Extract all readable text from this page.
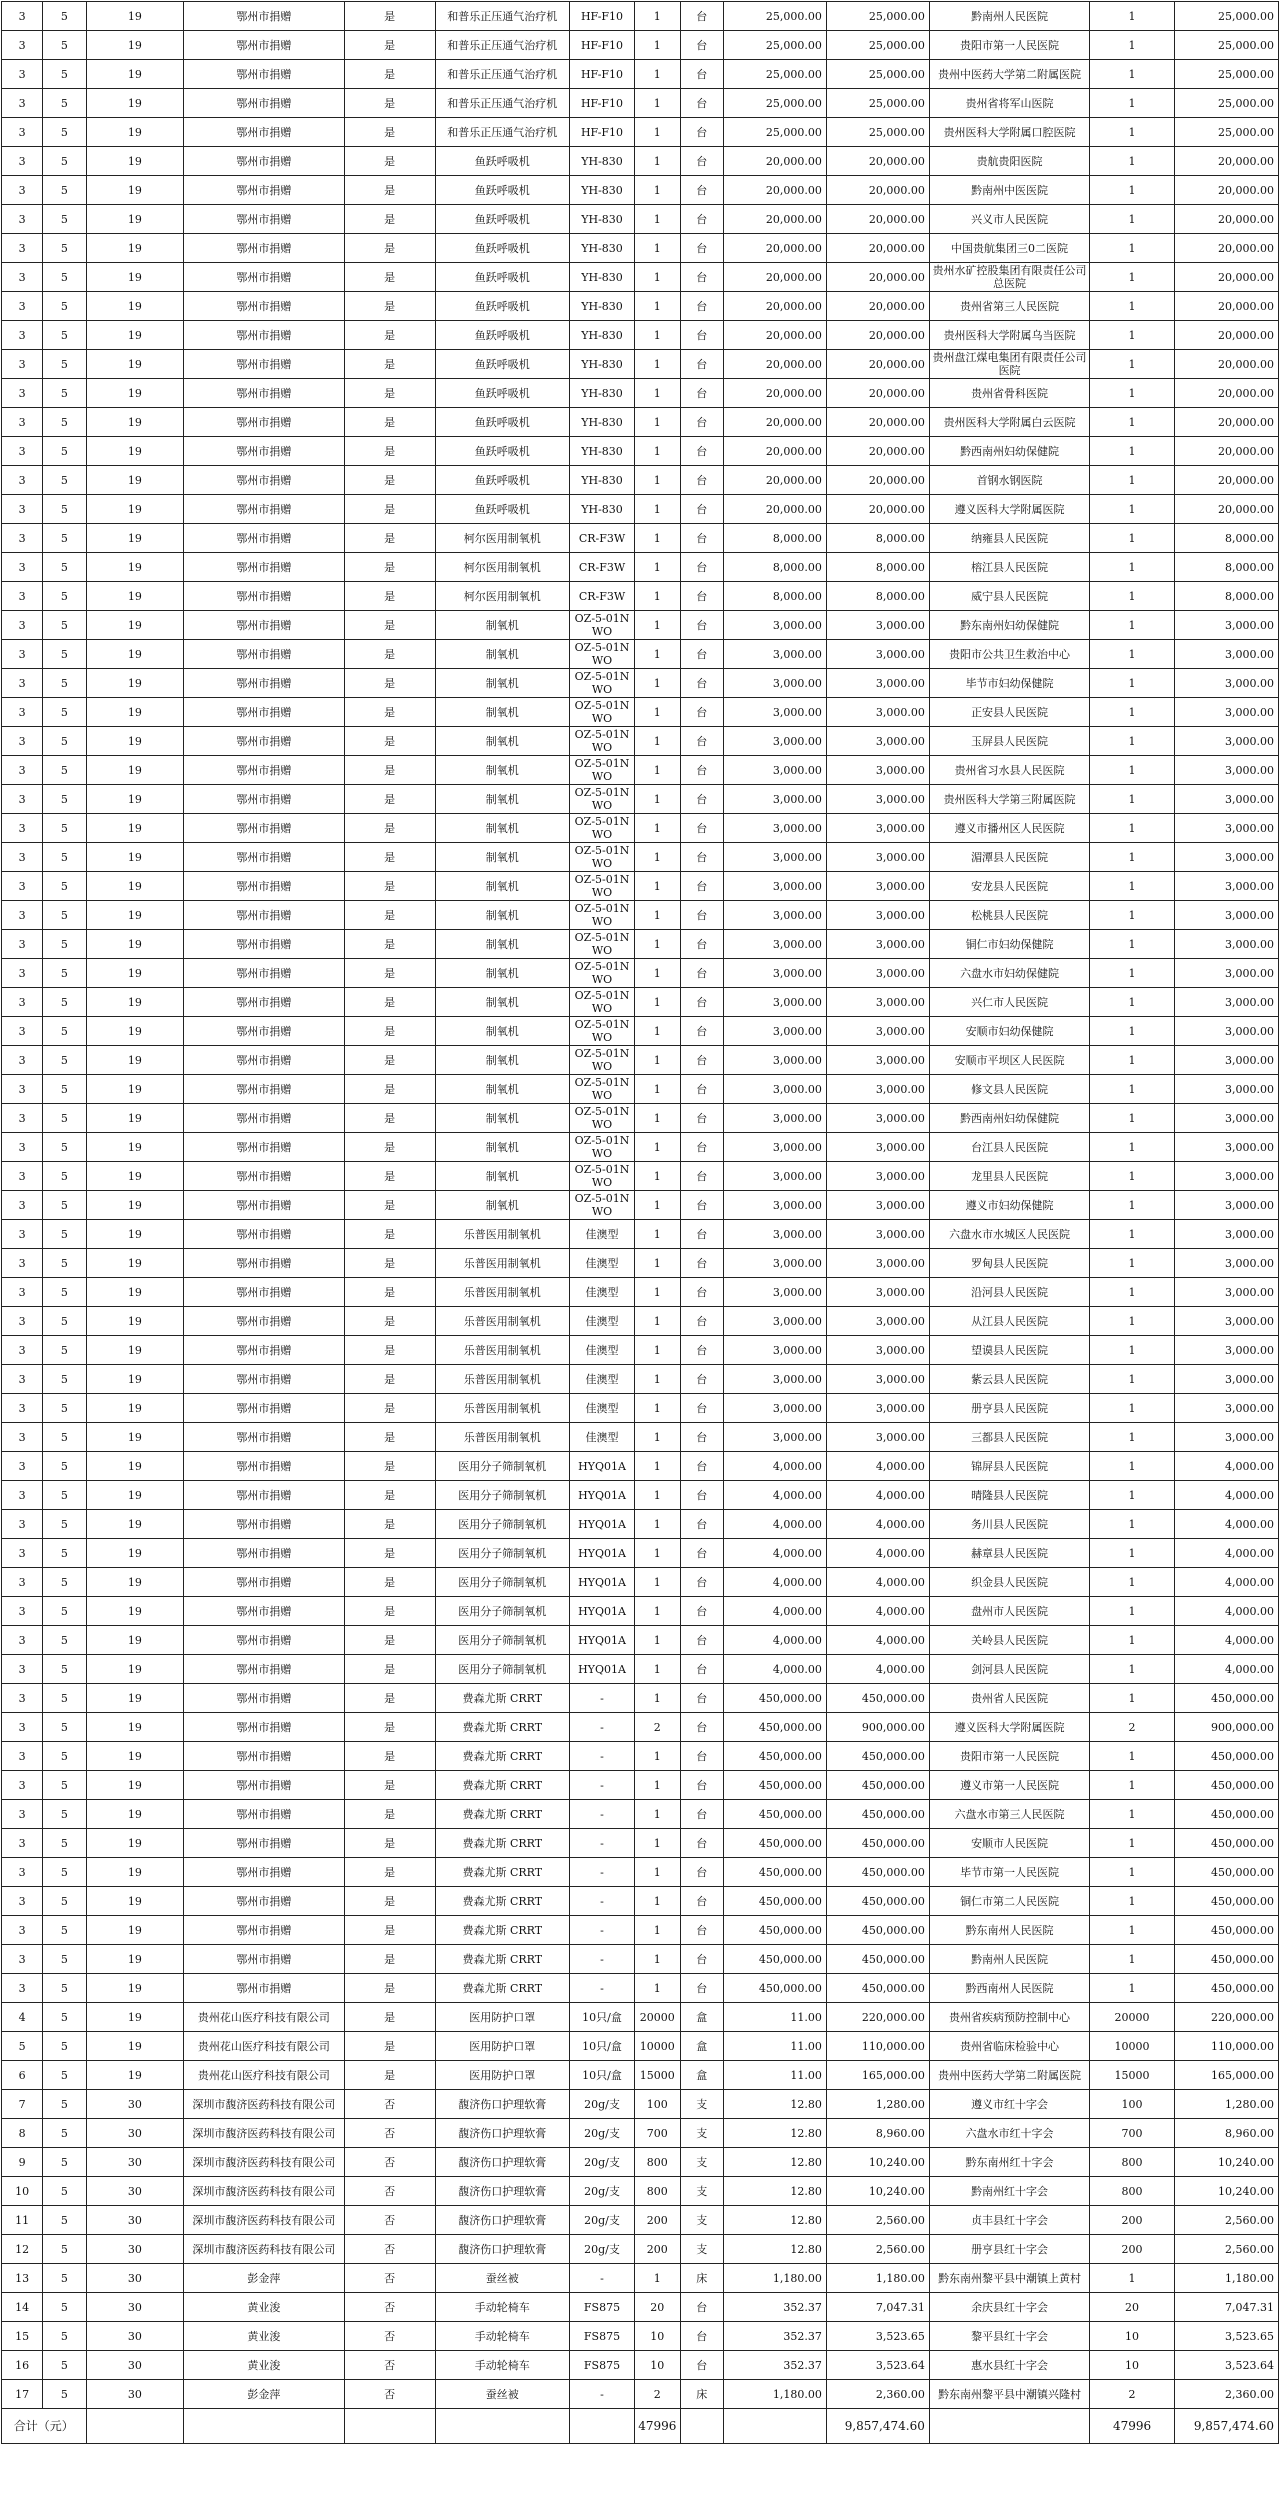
3	5	19	鄂州市捐赠	是	和普乐正压通气治疗机	HF-F10	1	台	25,000.00	25,000.00	黔南州人民医院	1	25,000.00
3	5	19	鄂州市捐赠	是	和普乐正压通气治疗机	HF-F10	1	台	25,000.00	25,000.00	贵阳市第一人民医院	1	25,000.00
3	5	19	鄂州市捐赠	是	和普乐正压通气治疗机	HF-F10	1	台	25,000.00	25,000.00	贵州中医药大学第二附属医院	1	25,000.00
3	5	19	鄂州市捐赠	是	和普乐正压通气治疗机	HF-F10	1	台	25,000.00	25,000.00	贵州省将军山医院	1	25,000.00
3	5	19	鄂州市捐赠	是	和普乐正压通气治疗机	HF-F10	1	台	25,000.00	25,000.00	贵州医科大学附属口腔医院	1	25,000.00
3	5	19	鄂州市捐赠	是	鱼跃呼吸机	YH-830	1	台	20,000.00	20,000.00	贵航贵阳医院	1	20,000.00
3	5	19	鄂州市捐赠	是	鱼跃呼吸机	YH-830	1	台	20,000.00	20,000.00	黔南州中医医院	1	20,000.00
3	5	19	鄂州市捐赠	是	鱼跃呼吸机	YH-830	1	台	20,000.00	20,000.00	兴义市人民医院	1	20,000.00
3	5	19	鄂州市捐赠	是	鱼跃呼吸机	YH-830	1	台	20,000.00	20,000.00	中国贵航集团三0二医院	1	20,000.00
3	5	19	鄂州市捐赠	是	鱼跃呼吸机	YH-830	1	台	20,000.00	20,000.00	贵州水矿控股集团有限责任公司总医院	1	20,000.00
3	5	19	鄂州市捐赠	是	鱼跃呼吸机	YH-830	1	台	20,000.00	20,000.00	贵州省第三人民医院	1	20,000.00
3	5	19	鄂州市捐赠	是	鱼跃呼吸机	YH-830	1	台	20,000.00	20,000.00	贵州医科大学附属乌当医院	1	20,000.00
3	5	19	鄂州市捐赠	是	鱼跃呼吸机	YH-830	1	台	20,000.00	20,000.00	贵州盘江煤电集团有限责任公司医院	1	20,000.00
3	5	19	鄂州市捐赠	是	鱼跃呼吸机	YH-830	1	台	20,000.00	20,000.00	贵州省骨科医院	1	20,000.00
3	5	19	鄂州市捐赠	是	鱼跃呼吸机	YH-830	1	台	20,000.00	20,000.00	贵州医科大学附属白云医院	1	20,000.00
3	5	19	鄂州市捐赠	是	鱼跃呼吸机	YH-830	1	台	20,000.00	20,000.00	黔西南州妇幼保健院	1	20,000.00
3	5	19	鄂州市捐赠	是	鱼跃呼吸机	YH-830	1	台	20,000.00	20,000.00	首钢水钢医院	1	20,000.00
3	5	19	鄂州市捐赠	是	鱼跃呼吸机	YH-830	1	台	20,000.00	20,000.00	遵义医科大学附属医院	1	20,000.00
3	5	19	鄂州市捐赠	是	柯尔医用制氧机	CR-F3W	1	台	8,000.00	8,000.00	纳雍县人民医院	1	8,000.00
3	5	19	鄂州市捐赠	是	柯尔医用制氧机	CR-F3W	1	台	8,000.00	8,000.00	榕江县人民医院	1	8,000.00
3	5	19	鄂州市捐赠	是	柯尔医用制氧机	CR-F3W	1	台	8,000.00	8,000.00	威宁县人民医院	1	8,000.00
3	5	19	鄂州市捐赠	是	制氧机	OZ-5-01NWO	1	台	3,000.00	3,000.00	黔东南州妇幼保健院	1	3,000.00
3	5	19	鄂州市捐赠	是	制氧机	OZ-5-01NWO	1	台	3,000.00	3,000.00	贵阳市公共卫生救治中心	1	3,000.00
3	5	19	鄂州市捐赠	是	制氧机	OZ-5-01NWO	1	台	3,000.00	3,000.00	毕节市妇幼保健院	1	3,000.00
3	5	19	鄂州市捐赠	是	制氧机	OZ-5-01NWO	1	台	3,000.00	3,000.00	正安县人民医院	1	3,000.00
3	5	19	鄂州市捐赠	是	制氧机	OZ-5-01NWO	1	台	3,000.00	3,000.00	玉屏县人民医院	1	3,000.00
3	5	19	鄂州市捐赠	是	制氧机	OZ-5-01NWO	1	台	3,000.00	3,000.00	贵州省习水县人民医院	1	3,000.00
3	5	19	鄂州市捐赠	是	制氧机	OZ-5-01NWO	1	台	3,000.00	3,000.00	贵州医科大学第三附属医院	1	3,000.00
3	5	19	鄂州市捐赠	是	制氧机	OZ-5-01NWO	1	台	3,000.00	3,000.00	遵义市播州区人民医院	1	3,000.00
3	5	19	鄂州市捐赠	是	制氧机	OZ-5-01NWO	1	台	3,000.00	3,000.00	湄潭县人民医院	1	3,000.00
3	5	19	鄂州市捐赠	是	制氧机	OZ-5-01NWO	1	台	3,000.00	3,000.00	安龙县人民医院	1	3,000.00
3	5	19	鄂州市捐赠	是	制氧机	OZ-5-01NWO	1	台	3,000.00	3,000.00	松桃县人民医院	1	3,000.00
3	5	19	鄂州市捐赠	是	制氧机	OZ-5-01NWO	1	台	3,000.00	3,000.00	铜仁市妇幼保健院	1	3,000.00
3	5	19	鄂州市捐赠	是	制氧机	OZ-5-01NWO	1	台	3,000.00	3,000.00	六盘水市妇幼保健院	1	3,000.00
3	5	19	鄂州市捐赠	是	制氧机	OZ-5-01NWO	1	台	3,000.00	3,000.00	兴仁市人民医院	1	3,000.00
3	5	19	鄂州市捐赠	是	制氧机	OZ-5-01NWO	1	台	3,000.00	3,000.00	安顺市妇幼保健院	1	3,000.00
3	5	19	鄂州市捐赠	是	制氧机	OZ-5-01NWO	1	台	3,000.00	3,000.00	安顺市平坝区人民医院	1	3,000.00
3	5	19	鄂州市捐赠	是	制氧机	OZ-5-01NWO	1	台	3,000.00	3,000.00	修文县人民医院	1	3,000.00
3	5	19	鄂州市捐赠	是	制氧机	OZ-5-01NWO	1	台	3,000.00	3,000.00	黔西南州妇幼保健院	1	3,000.00
3	5	19	鄂州市捐赠	是	制氧机	OZ-5-01NWO	1	台	3,000.00	3,000.00	台江县人民医院	1	3,000.00
3	5	19	鄂州市捐赠	是	制氧机	OZ-5-01NWO	1	台	3,000.00	3,000.00	龙里县人民医院	1	3,000.00
3	5	19	鄂州市捐赠	是	制氧机	OZ-5-01NWO	1	台	3,000.00	3,000.00	遵义市妇幼保健院	1	3,000.00
3	5	19	鄂州市捐赠	是	乐普医用制氧机	佳澳型	1	台	3,000.00	3,000.00	六盘水市水城区人民医院	1	3,000.00
3	5	19	鄂州市捐赠	是	乐普医用制氧机	佳澳型	1	台	3,000.00	3,000.00	罗甸县人民医院	1	3,000.00
3	5	19	鄂州市捐赠	是	乐普医用制氧机	佳澳型	1	台	3,000.00	3,000.00	沿河县人民医院	1	3,000.00
3	5	19	鄂州市捐赠	是	乐普医用制氧机	佳澳型	1	台	3,000.00	3,000.00	从江县人民医院	1	3,000.00
3	5	19	鄂州市捐赠	是	乐普医用制氧机	佳澳型	1	台	3,000.00	3,000.00	望谟县人民医院	1	3,000.00
3	5	19	鄂州市捐赠	是	乐普医用制氧机	佳澳型	1	台	3,000.00	3,000.00	紫云县人民医院	1	3,000.00
3	5	19	鄂州市捐赠	是	乐普医用制氧机	佳澳型	1	台	3,000.00	3,000.00	册亨县人民医院	1	3,000.00
3	5	19	鄂州市捐赠	是	乐普医用制氧机	佳澳型	1	台	3,000.00	3,000.00	三都县人民医院	1	3,000.00
3	5	19	鄂州市捐赠	是	医用分子筛制氧机	HYQ01A	1	台	4,000.00	4,000.00	锦屏县人民医院	1	4,000.00
3	5	19	鄂州市捐赠	是	医用分子筛制氧机	HYQ01A	1	台	4,000.00	4,000.00	晴隆县人民医院	1	4,000.00
3	5	19	鄂州市捐赠	是	医用分子筛制氧机	HYQ01A	1	台	4,000.00	4,000.00	务川县人民医院	1	4,000.00
3	5	19	鄂州市捐赠	是	医用分子筛制氧机	HYQ01A	1	台	4,000.00	4,000.00	赫章县人民医院	1	4,000.00
3	5	19	鄂州市捐赠	是	医用分子筛制氧机	HYQ01A	1	台	4,000.00	4,000.00	织金县人民医院	1	4,000.00
3	5	19	鄂州市捐赠	是	医用分子筛制氧机	HYQ01A	1	台	4,000.00	4,000.00	盘州市人民医院	1	4,000.00
3	5	19	鄂州市捐赠	是	医用分子筛制氧机	HYQ01A	1	台	4,000.00	4,000.00	关岭县人民医院	1	4,000.00
3	5	19	鄂州市捐赠	是	医用分子筛制氧机	HYQ01A	1	台	4,000.00	4,000.00	剑河县人民医院	1	4,000.00
3	5	19	鄂州市捐赠	是	费森尤斯 CRRT	-	1	台	450,000.00	450,000.00	贵州省人民医院	1	450,000.00
3	5	19	鄂州市捐赠	是	费森尤斯 CRRT	-	2	台	450,000.00	900,000.00	遵义医科大学附属医院	2	900,000.00
3	5	19	鄂州市捐赠	是	费森尤斯 CRRT	-	1	台	450,000.00	450,000.00	贵阳市第一人民医院	1	450,000.00
3	5	19	鄂州市捐赠	是	费森尤斯 CRRT	-	1	台	450,000.00	450,000.00	遵义市第一人民医院	1	450,000.00
3	5	19	鄂州市捐赠	是	费森尤斯 CRRT	-	1	台	450,000.00	450,000.00	六盘水市第三人民医院	1	450,000.00
3	5	19	鄂州市捐赠	是	费森尤斯 CRRT	-	1	台	450,000.00	450,000.00	安顺市人民医院	1	450,000.00
3	5	19	鄂州市捐赠	是	费森尤斯 CRRT	-	1	台	450,000.00	450,000.00	毕节市第一人民医院	1	450,000.00
3	5	19	鄂州市捐赠	是	费森尤斯 CRRT	-	1	台	450,000.00	450,000.00	铜仁市第二人民医院	1	450,000.00
3	5	19	鄂州市捐赠	是	费森尤斯 CRRT	-	1	台	450,000.00	450,000.00	黔东南州人民医院	1	450,000.00
3	5	19	鄂州市捐赠	是	费森尤斯 CRRT	-	1	台	450,000.00	450,000.00	黔南州人民医院	1	450,000.00
3	5	19	鄂州市捐赠	是	费森尤斯 CRRT	-	1	台	450,000.00	450,000.00	黔西南州人民医院	1	450,000.00
4	5	19	贵州花山医疗科技有限公司	是	医用防护口罩	10只/盒	20000	盒	11.00	220,000.00	贵州省疾病预防控制中心	20000	220,000.00
5	5	19	贵州花山医疗科技有限公司	是	医用防护口罩	10只/盒	10000	盒	11.00	110,000.00	贵州省临床检验中心	10000	110,000.00
6	5	19	贵州花山医疗科技有限公司	是	医用防护口罩	10只/盒	15000	盒	11.00	165,000.00	贵州中医药大学第二附属医院	15000	165,000.00
7	5	30	深圳市馥济医药科技有限公司	否	馥济伤口护理软膏	20g/支	100	支	12.80	1,280.00	遵义市红十字会	100	1,280.00
8	5	30	深圳市馥济医药科技有限公司	否	馥济伤口护理软膏	20g/支	700	支	12.80	8,960.00	六盘水市红十字会	700	8,960.00
9	5	30	深圳市馥济医药科技有限公司	否	馥济伤口护理软膏	20g/支	800	支	12.80	10,240.00	黔东南州红十字会	800	10,240.00
10	5	30	深圳市馥济医药科技有限公司	否	馥济伤口护理软膏	20g/支	800	支	12.80	10,240.00	黔南州红十字会	800	10,240.00
11	5	30	深圳市馥济医药科技有限公司	否	馥济伤口护理软膏	20g/支	200	支	12.80	2,560.00	贞丰县红十字会	200	2,560.00
12	5	30	深圳市馥济医药科技有限公司	否	馥济伤口护理软膏	20g/支	200	支	12.80	2,560.00	册亨县红十字会	200	2,560.00
13	5	30	彭金萍	否	蚕丝被	-	1	床	1,180.00	1,180.00	黔东南州黎平县中潮镇上黄村	1	1,180.00
14	5	30	黄业浚	否	手动轮椅车	FS875	20	台	352.37	7,047.31	余庆县红十字会	20	7,047.31
15	5	30	黄业浚	否	手动轮椅车	FS875	10	台	352.37	3,523.65	黎平县红十字会	10	3,523.65
16	5	30	黄业浚	否	手动轮椅车	FS875	10	台	352.37	3,523.64	惠水县红十字会	10	3,523.64
17	5	30	彭金萍	否	蚕丝被	-	2	床	1,180.00	2,360.00	黔东南州黎平县中潮镇兴隆村	2	2,360.00
合计（元）							47996			9,857,474.60		47996	9,857,474.60
